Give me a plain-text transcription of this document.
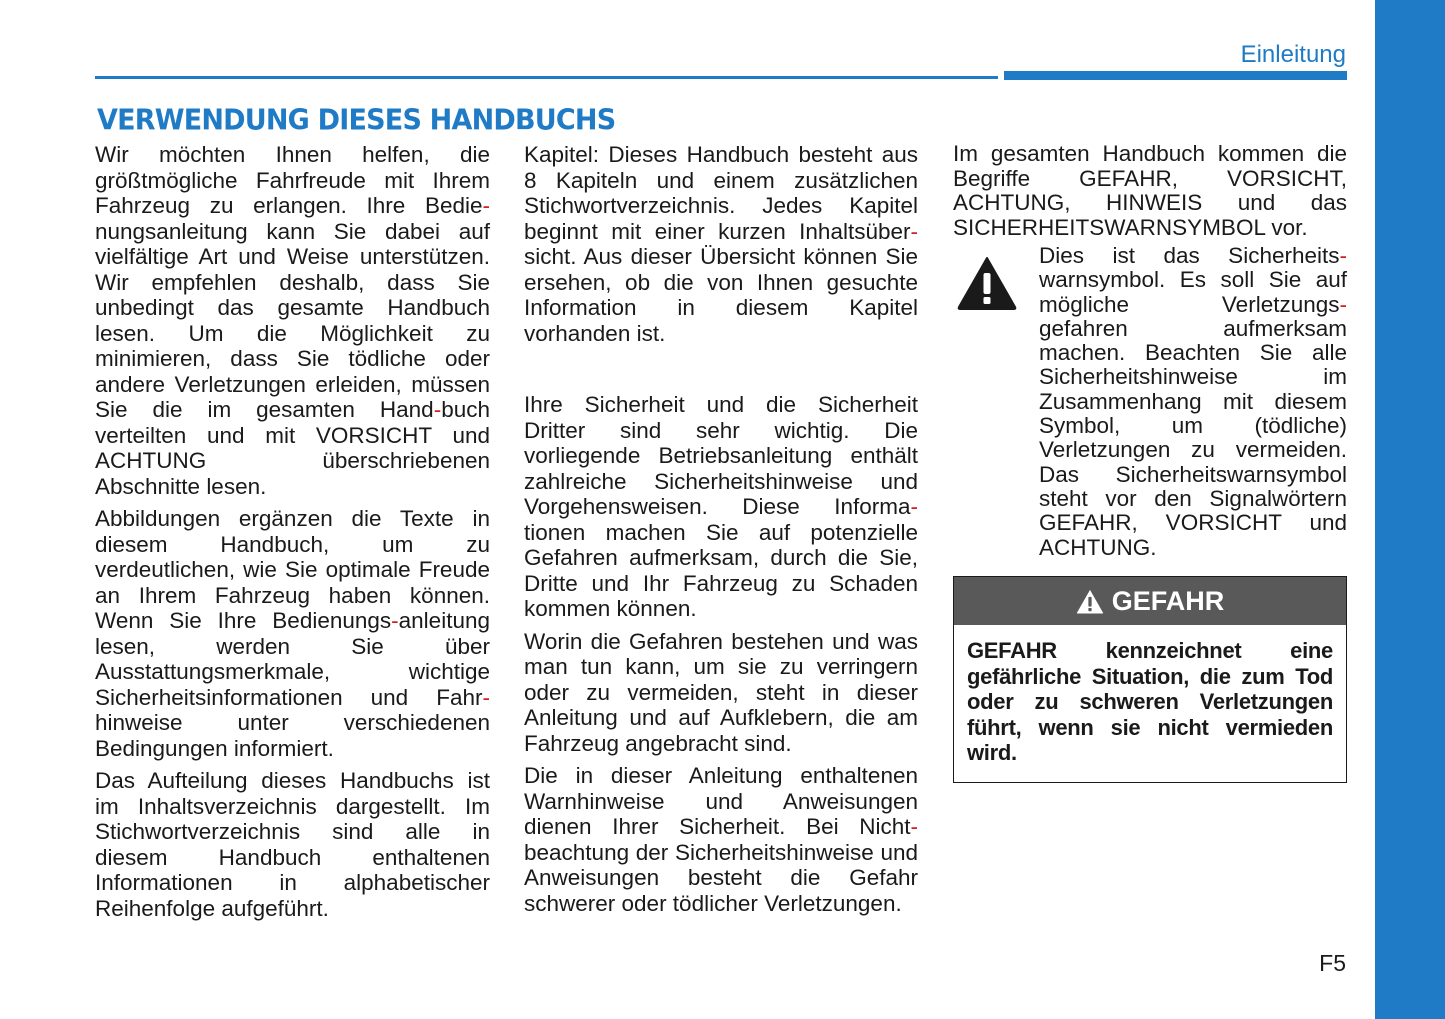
Einleitung
VERWENDUNG DIESES HANDBUCHS

Wir möchten Ihnen helfen, die größtmögliche Fahrfreude mit Ihrem Fahrzeug zu erlangen. Ihre Bedie-nungsanleitung kann Sie dabei auf vielfältige Art und Weise unterstützen. Wir empfehlen deshalb, dass Sie unbedingt das gesamte Handbuch lesen. Um die Möglichkeit zu minimieren, dass Sie tödliche oder andere Verletzungen erleiden, müssen Sie die im gesamten Hand-buch verteilten und mit VORSICHT und ACHTUNG überschriebenen Abschnitte lesen.

Abbildungen ergänzen die Texte in diesem Handbuch, um zu verdeutlichen, wie Sie optimale Freude an Ihrem Fahrzeug haben können. Wenn Sie Ihre Bedienungs-anleitung lesen, werden Sie über Ausstattungsmerkmale, wichtige Sicherheitsinformationen und Fahr-hinweise unter verschiedenen Bedingungen informiert.

Das Aufteilung dieses Handbuchs ist im Inhaltsverzeichnis dargestellt. Im Stichwortverzeichnis sind alle in diesem Handbuch enthaltenen Informationen in alphabetischer Reihenfolge aufgeführt.

Kapitel: Dieses Handbuch besteht aus 8 Kapiteln und einem zusätzlichen Stichwortverzeichnis. Jedes Kapitel beginnt mit einer kurzen Inhaltsüber-sicht. Aus dieser Übersicht können Sie ersehen, ob die von Ihnen gesuchte Information in diesem Kapitel vorhanden ist.

Ihre Sicherheit und die Sicherheit Dritter sind sehr wichtig. Die vorliegende Betriebsanleitung enthält zahlreiche Sicherheitshinweise und Vorgehensweisen. Diese Informa-tionen machen Sie auf potenzielle Gefahren aufmerksam, durch die Sie, Dritte und Ihr Fahrzeug zu Schaden kommen können.

Worin die Gefahren bestehen und was man tun kann, um sie zu verringern oder zu vermeiden, steht in dieser Anleitung und auf Aufklebern, die am Fahrzeug angebracht sind.

Die in dieser Anleitung enthaltenen Warnhinweise und Anweisungen dienen Ihrer Sicherheit. Bei Nicht-beachtung der Sicherheitshinweise und Anweisungen besteht die Gefahr schwerer oder tödlicher Verletzungen.

Im gesamten Handbuch kommen die Begriffe GEFAHR, VORSICHT, ACHTUNG, HINWEIS und das SICHERHEITSWARNSYMBOL vor.

Dies ist das Sicherheits- warnsymbol. Es soll Sie auf mögliche Verletzungs- gefahren aufmerksam machen. Beachten Sie alle Sicherheitshinweise im Zusammenhang mit diesem Symbol, um (tödliche) Verletzungen zu vermeiden. Das Sicherheitswarnsymbol steht vor den Signalwörtern GEFAHR, VORSICHT und ACHTUNG.
GEFAHR
GEFAHR kennzeichnet eine gefährliche Situation, die zum Tod oder zu schweren Verletzungen führt, wenn sie nicht vermieden wird.
F5
